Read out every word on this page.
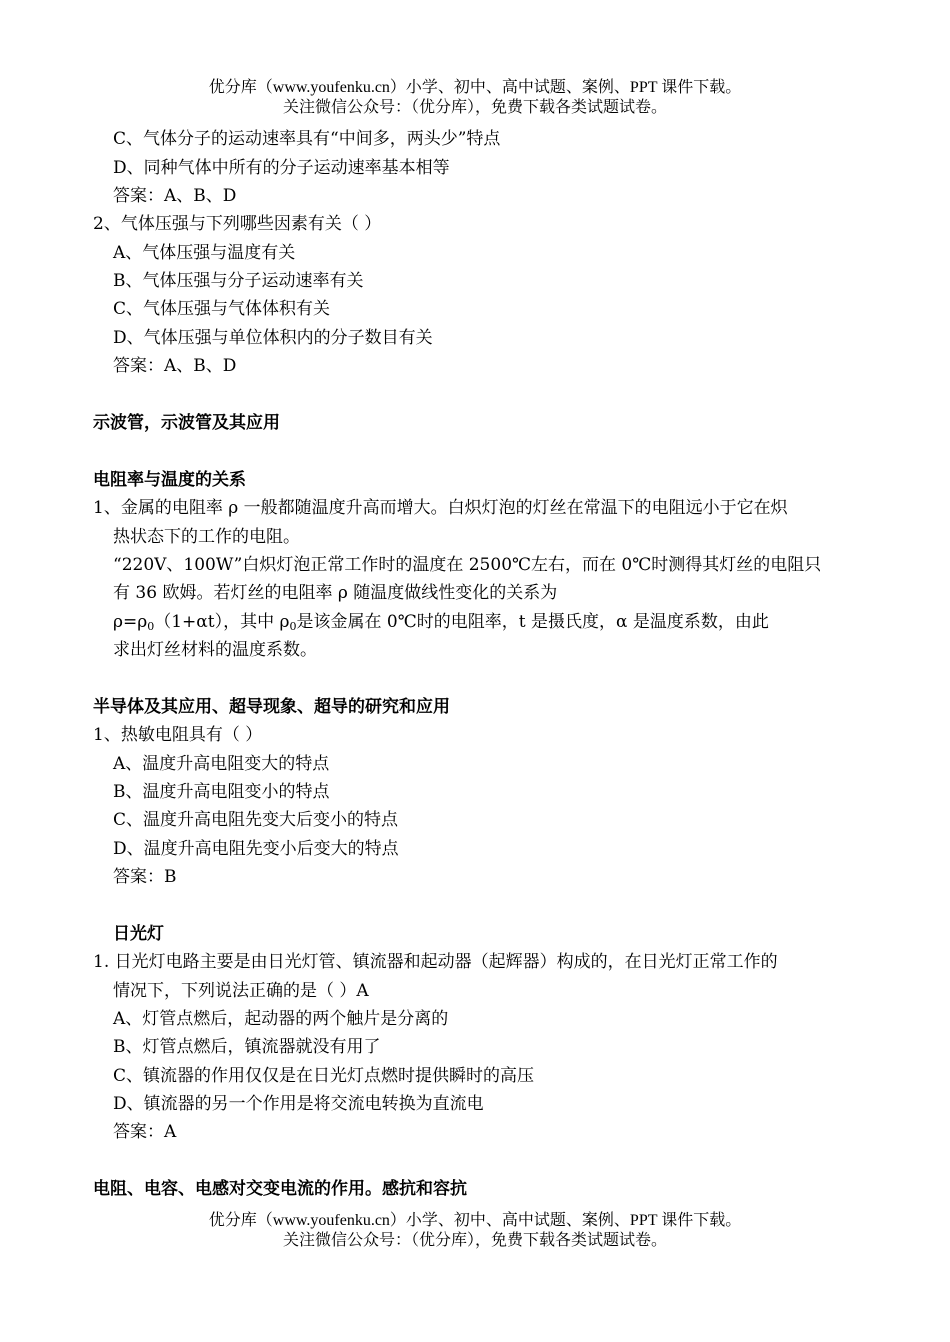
优分库（www.youfenku.cn）小学、初中、高中试题、案例、PPT 课件下载。
关注微信公众号：（优分库），免费下载各类试题试卷。
C、气体分子的运动速率具有“中间多，两头少”特点
D、同种气体中所有的分子运动速率基本相等
答案：A、B、D
2、气体压强与下列哪些因素有关（ ）
A、气体压强与温度有关
B、气体压强与分子运动速率有关
C、气体压强与气体体积有关
D、气体压强与单位体积内的分子数目有关
答案：A、B、D
示波管，示波管及其应用
电阻率与温度的关系
1、金属的电阻率 ρ 一般都随温度升高而增大。白炽灯泡的灯丝在常温下的电阻远小于它在炽
热状态下的工作的电阻。
“220V、100W”白炽灯泡正常工作时的温度在 2500℃左右，而在 0℃时测得其灯丝的电阻只
有 36 欧姆。若灯丝的电阻率 ρ 随温度做线性变化的关系为
$\rho=\rho_0(1+\alpha t)$，其中 $\rho_0$是该金属在 0℃时的电阻率，t 是摄氏度，α 是温度系数，由此
求出灯丝材料的温度系数。
半导体及其应用、超导现象、超导的研究和应用
1、热敏电阻具有（ ）
A、温度升高电阻变大的特点
B、温度升高电阻变小的特点
C、温度升高电阻先变大后变小的特点
D、温度升高电阻先变小后变大的特点
答案：B
日光灯
1. 日光灯电路主要是由日光灯管、镇流器和起动器（起辉器）构成的，在日光灯正常工作的
情况下，下列说法正确的是（ ）A
A、灯管点燃后，起动器的两个触片是分离的
B、灯管点燃后，镇流器就没有用了
C、镇流器的作用仅仅是在日光灯点燃时提供瞬时的高压
D、镇流器的另一个作用是将交流电转换为直流电
答案：A
电阻、电容、电感对交变电流的作用。感抗和容抗
优分库（www.youfenku.cn）小学、初中、高中试题、案例、PPT 课件下载。
关注微信公众号：（优分库），免费下载各类试题试卷。
